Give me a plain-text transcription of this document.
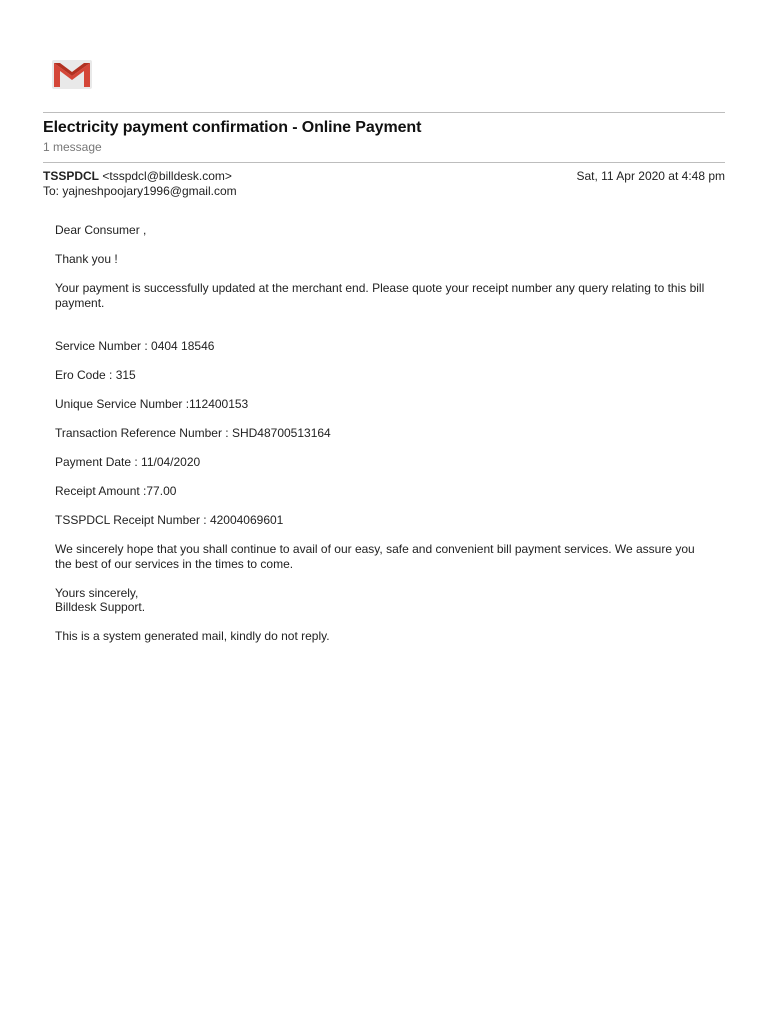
Electricity payment confirmation - Online Payment
1 message
TSSPDCL <tsspdcl@billdesk.com>	Sat, 11 Apr 2020 at 4:48 pm
To: yajneshpoojary1996@gmail.com

Dear Consumer ,

Thank you !

Your payment is successfully updated at the merchant end. Please quote your receipt number any query relating to this bill payment.

Service Number : 0404 18546

Ero Code : 315

Unique Service Number :112400153

Transaction Reference Number : SHD48700513164

Payment Date : 11/04/2020

Receipt Amount :77.00

TSSPDCL Receipt Number : 42004069601

We sincerely hope that you shall continue to avail of our easy, safe and convenient bill payment services. We assure you the best of our services in the times to come.

Yours sincerely,

Billdesk Support.

This is a system generated mail, kindly do not reply.
